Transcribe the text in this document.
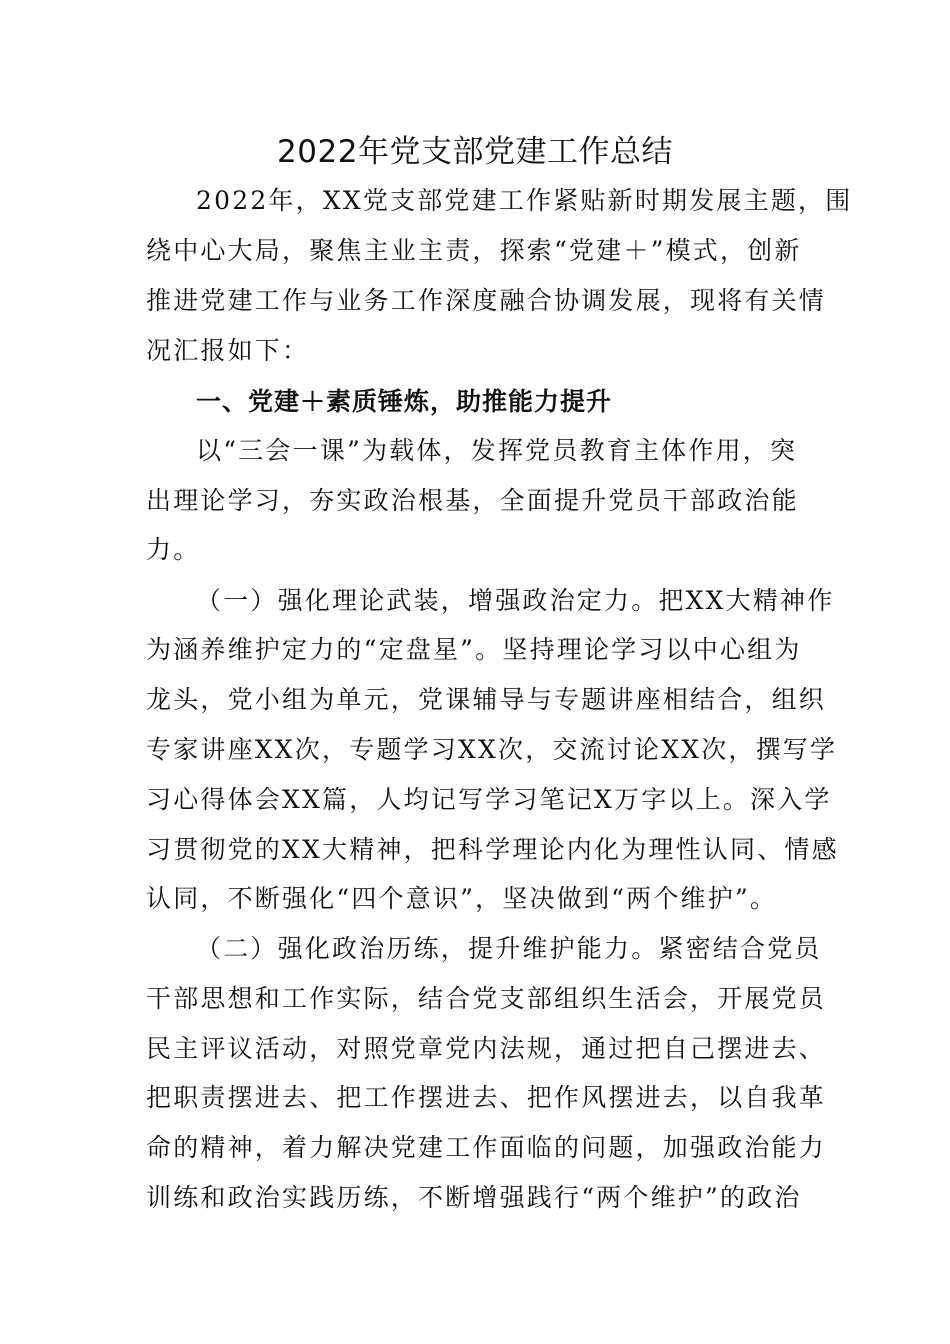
2022年党支部党建工作总结
2022年，XX党支部党建工作紧贴新时期发展主题，围
绕中心大局，聚焦主业主责，探索“党建＋”模式，创新
推进党建工作与业务工作深度融合协调发展，现将有关情
况汇报如下：
一、党建＋素质锤炼，助推能力提升
以“三会一课”为载体，发挥党员教育主体作用，突
出理论学习，夯实政治根基，全面提升党员干部政治能
力。
（一）强化理论武装，增强政治定力。把XX大精神作
为涵养维护定力的“定盘星”。坚持理论学习以中心组为
龙头，党小组为单元，党课辅导与专题讲座相结合，组织
专家讲座XX次，专题学习XX次，交流讨论XX次，撰写学
习心得体会XX篇，人均记写学习笔记X万字以上。深入学
习贯彻党的XX大精神，把科学理论内化为理性认同、情感
认同，不断强化“四个意识”，坚决做到“两个维护”。
（二）强化政治历练，提升维护能力。紧密结合党员
干部思想和工作实际，结合党支部组织生活会，开展党员
民主评议活动，对照党章党内法规，通过把自己摆进去、
把职责摆进去、把工作摆进去、把作风摆进去，以自我革
命的精神，着力解决党建工作面临的问题，加强政治能力
训练和政治实践历练，不断增强践行“两个维护”的政治
